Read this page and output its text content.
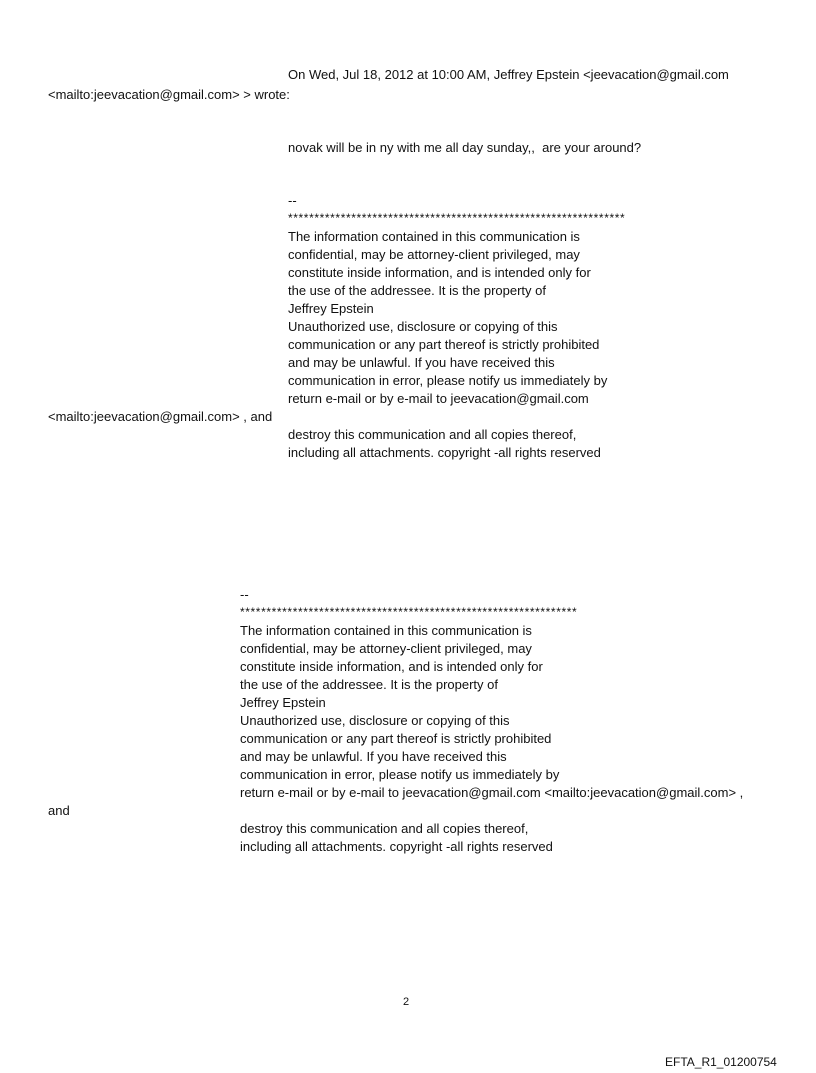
On Wed, Jul 18, 2012 at 10:00 AM, Jeffrey Epstein <jeevacation@gmail.com
<mailto:jeevacation@gmail.com> > wrote:
novak will be in ny with me all day sunday,,  are your around?
--
****************************************************************
The information contained in this communication is
confidential, may be attorney-client privileged, may
constitute inside information, and is intended only for
the use of the addressee. It is the property of
Jeffrey Epstein
Unauthorized use, disclosure or copying of this
communication or any part thereof is strictly prohibited
and may be unlawful. If you have received this
communication in error, please notify us immediately by
return e-mail or by e-mail to jeevacation@gmail.com
<mailto:jeevacation@gmail.com> , and
destroy this communication and all copies thereof,
including all attachments. copyright -all rights reserved
--
****************************************************************
The information contained in this communication is
confidential, may be attorney-client privileged, may
constitute inside information, and is intended only for
the use of the addressee. It is the property of
Jeffrey Epstein
Unauthorized use, disclosure or copying of this
communication or any part thereof is strictly prohibited
and may be unlawful. If you have received this
communication in error, please notify us immediately by
return e-mail or by e-mail to jeevacation@gmail.com <mailto:jeevacation@gmail.com> ,
and
destroy this communication and all copies thereof,
including all attachments. copyright -all rights reserved
2
EFTA_R1_01200754
